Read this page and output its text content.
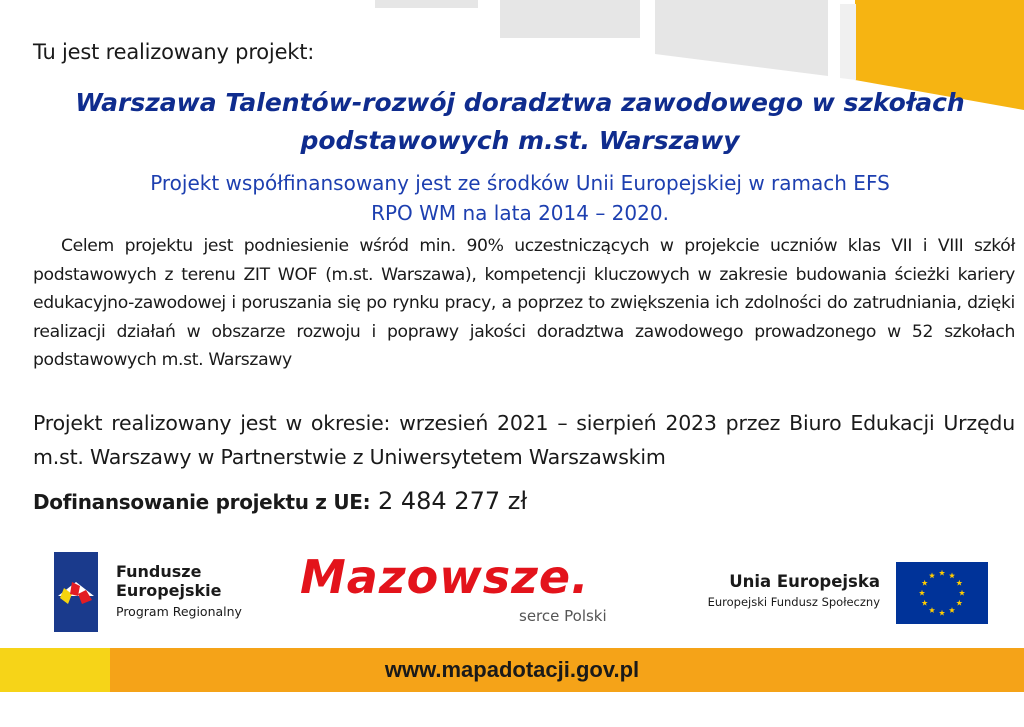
Tu jest realizowany projekt:
Warszawa Talentów-rozwój doradztwa zawodowego w szkołach
podstawowych m.st. Warszawy
Projekt współfinansowany jest ze środków Unii Europejskiej w ramach EFS
RPO WM na lata 2014 – 2020.
Celem projektu jest podniesienie wśród min. 90% uczestniczących w projekcie uczniów klas VII i VIII szkół podstawowych z terenu ZIT WOF (m.st. Warszawa), kompetencji kluczowych w zakresie budowania ścieżki kariery edukacyjno-zawodowej i poruszania się po rynku pracy, a poprzez to zwiększenia ich zdolności do zatrudniania, dzięki realizacji działań w obszarze rozwoju i poprawy jakości doradztwa zawodowego prowadzonego w 52 szkołach podstawowych m.st. Warszawy
Projekt realizowany jest w okresie: wrzesień 2021 – sierpień 2023 przez Biuro Edukacji Urzędu m.st. Warszawy w Partnerstwie z Uniwersytetem Warszawskim
Dofinansowanie projektu z UE: 2 484 277 zł
Fundusze
Europejskie
Program Regionalny
Mazowsze.
serce Polski
Unia Europejska
Europejski Fundusz Społeczny
www.mapadotacji.gov.pl
